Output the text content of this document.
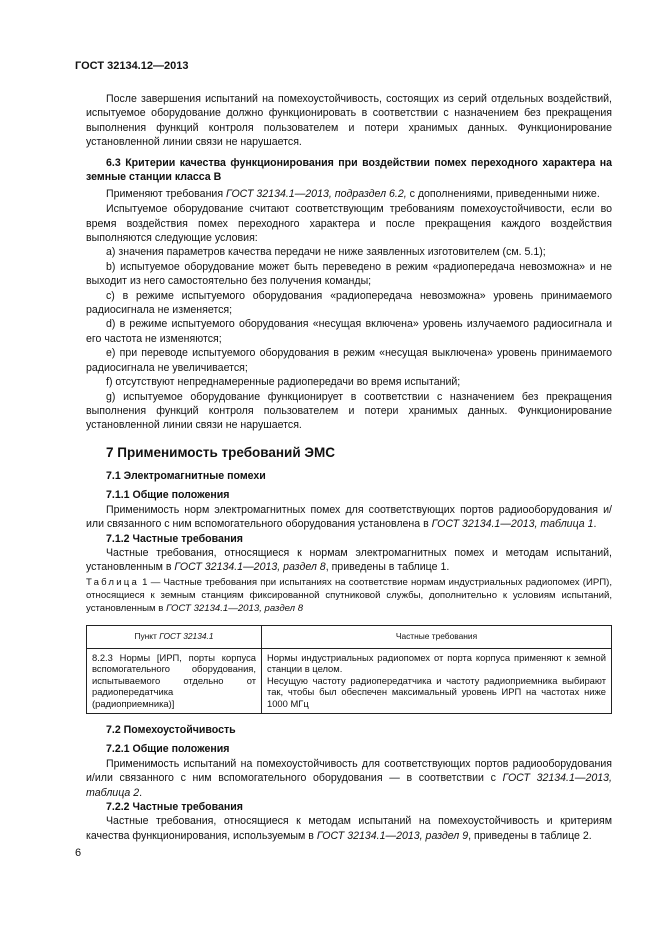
ГОСТ 32134.12—2013

После завершения испытаний на помехоустойчивость, состоящих из серий отдельных воздействий, испытуемое оборудование должно функционировать в соответствии с назначением без прекращения выполнения функций контроля пользователем и потери хранимых данных. Функционирование установленной линии связи не нарушается.

6.3 Критерии качества функционирования при воздействии помех переходного характера на земные станции класса В

Применяют требования ГОСТ 32134.1—2013, подраздел 6.2, с дополнениями, приведенными ниже.

Испытуемое оборудование считают соответствующим требованиям помехоустойчивости, если во время воздействия помех переходного характера и после прекращения каждого воздействия выполняются следующие условия:

a) значения параметров качества передачи не ниже заявленных изготовителем (см. 5.1);

b) испытуемое оборудование может быть переведено в режим «радиопередача невозможна» и не выходит из него самостоятельно без получения команды;

c) в режиме испытуемого оборудования «радиопередача невозможна» уровень принимаемого радиосигнала не изменяется;

d) в режиме испытуемого оборудования «несущая включена» уровень излучаемого радиосигнала и его частота не изменяются;

e) при переводе испытуемого оборудования в режим «несущая выключена» уровень принимаемого радиосигнала не увеличивается;

f) отсутствуют непреднамеренные радиопередачи во время испытаний;

g) испытуемое оборудование функционирует в соответствии с назначением без прекращения выполнения функций контроля пользователем и потери хранимых данных. Функционирование установленной линии связи не нарушается.

7 Применимость требований ЭМС

7.1 Электромагнитные помехи

7.1.1 Общие положения

Применимость норм электромагнитных помех для соответствующих портов радиооборудования и/или связанного с ним вспомогательного оборудования установлена в ГОСТ 32134.1—2013, таблица 1.

7.1.2 Частные требования

Частные требования, относящиеся к нормам электромагнитных помех и методам испытаний, установленным в ГОСТ 32134.1—2013, раздел 8, приведены в таблице 1.

Таблица 1 — Частные требования при испытаниях на соответствие нормам индустриальных радиопомех (ИРП), относящиеся к земным станциям фиксированной спутниковой службы, дополнительно к условиям испытаний, установленным в ГОСТ 32134.1—2013, раздел 8

Пункт ГОСТ 32134.1	Частные требования
8.2.3 Нормы [ИРП, порты корпуса вспомогательного оборудования, испытываемого отдельно от радиопередатчика (радиоприемника)]	Нормы индустриальных радиопомех от порта корпуса применяют к земной станции в целом.
Несущую частоту радиопередатчика и частоту радиоприемника выбирают так, чтобы был обеспечен максимальный уровень ИРП на частотах ниже 1000 МГц

7.2 Помехоустойчивость

7.2.1 Общие положения

Применимость испытаний на помехоустойчивость для соответствующих портов радиооборудования и/или связанного с ним вспомогательного оборудования — в соответствии с ГОСТ 32134.1—2013, таблица 2.

7.2.2 Частные требования

Частные требования, относящиеся к методам испытаний на помехоустойчивость и критериям качества функционирования, используемым в ГОСТ 32134.1—2013, раздел 9, приведены в таблице 2.

6
